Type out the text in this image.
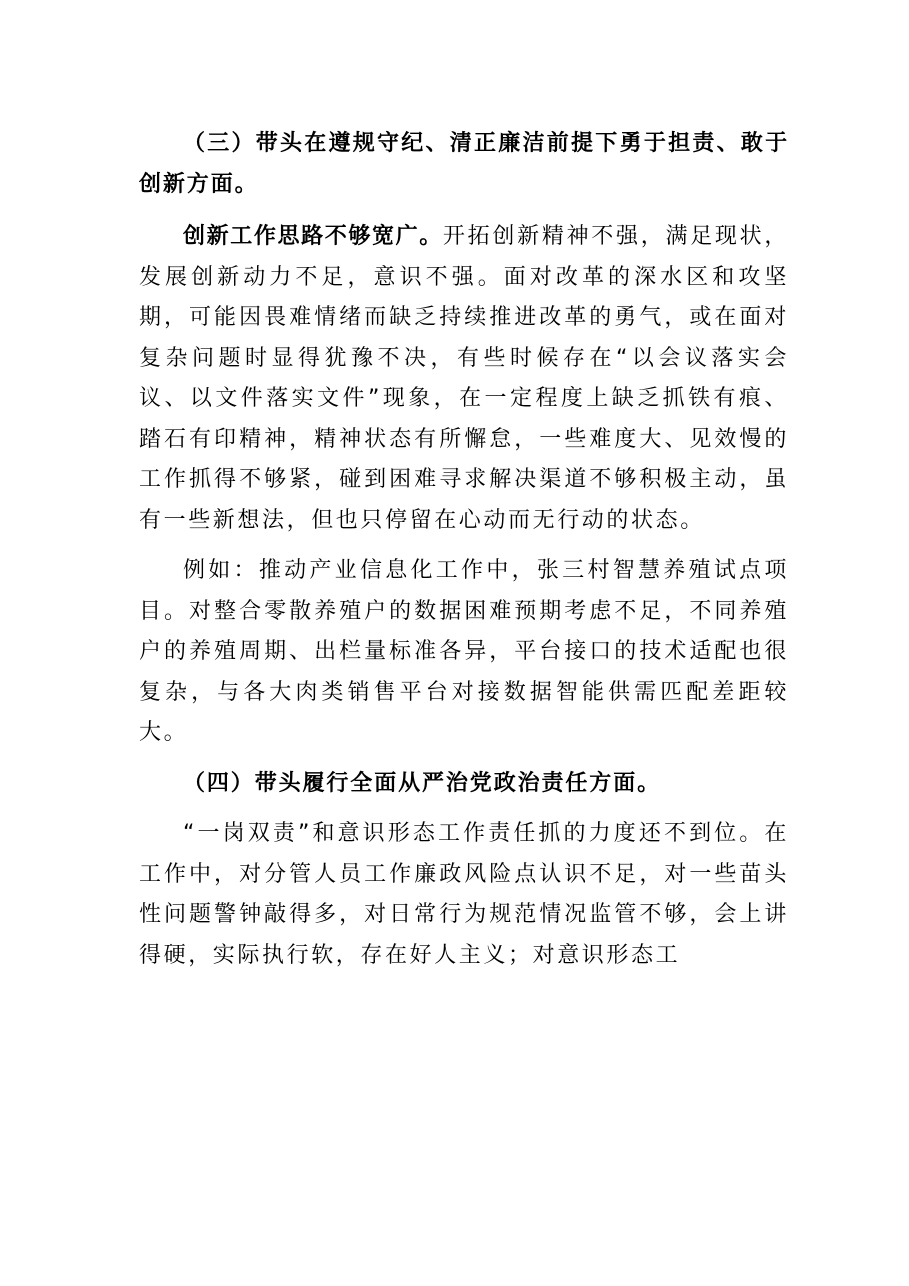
（三）带头在遵规守纪、清正廉洁前提下勇于担责、敢于创新方面。

创新工作思路不够宽广。开拓创新精神不强，满足现状，发展创新动力不足，意识不强。面对改革的深水区和攻坚期，可能因畏难情绪而缺乏持续推进改革的勇气，或在面对复杂问题时显得犹豫不决，有些时候存在“以会议落实会议、以文件落实文件”现象，在一定程度上缺乏抓铁有痕、踏石有印精神，精神状态有所懈怠，一些难度大、见效慢的工作抓得不够紧，碰到困难寻求解决渠道不够积极主动，虽有一些新想法，但也只停留在心动而无行动的状态。

例如：推动产业信息化工作中，张三村智慧养殖试点项目。对整合零散养殖户的数据困难预期考虑不足，不同养殖户的养殖周期、出栏量标准各异，平台接口的技术适配也很复杂，与各大肉类销售平台对接数据智能供需匹配差距较大。

（四）带头履行全面从严治党政治责任方面。

“一岗双责”和意识形态工作责任抓的力度还不到位。在工作中，对分管人员工作廉政风险点认识不足，对一些苗头性问题警钟敲得多，对日常行为规范情况监管不够，会上讲得硬，实际执行软，存在好人主义；对意识形态工
